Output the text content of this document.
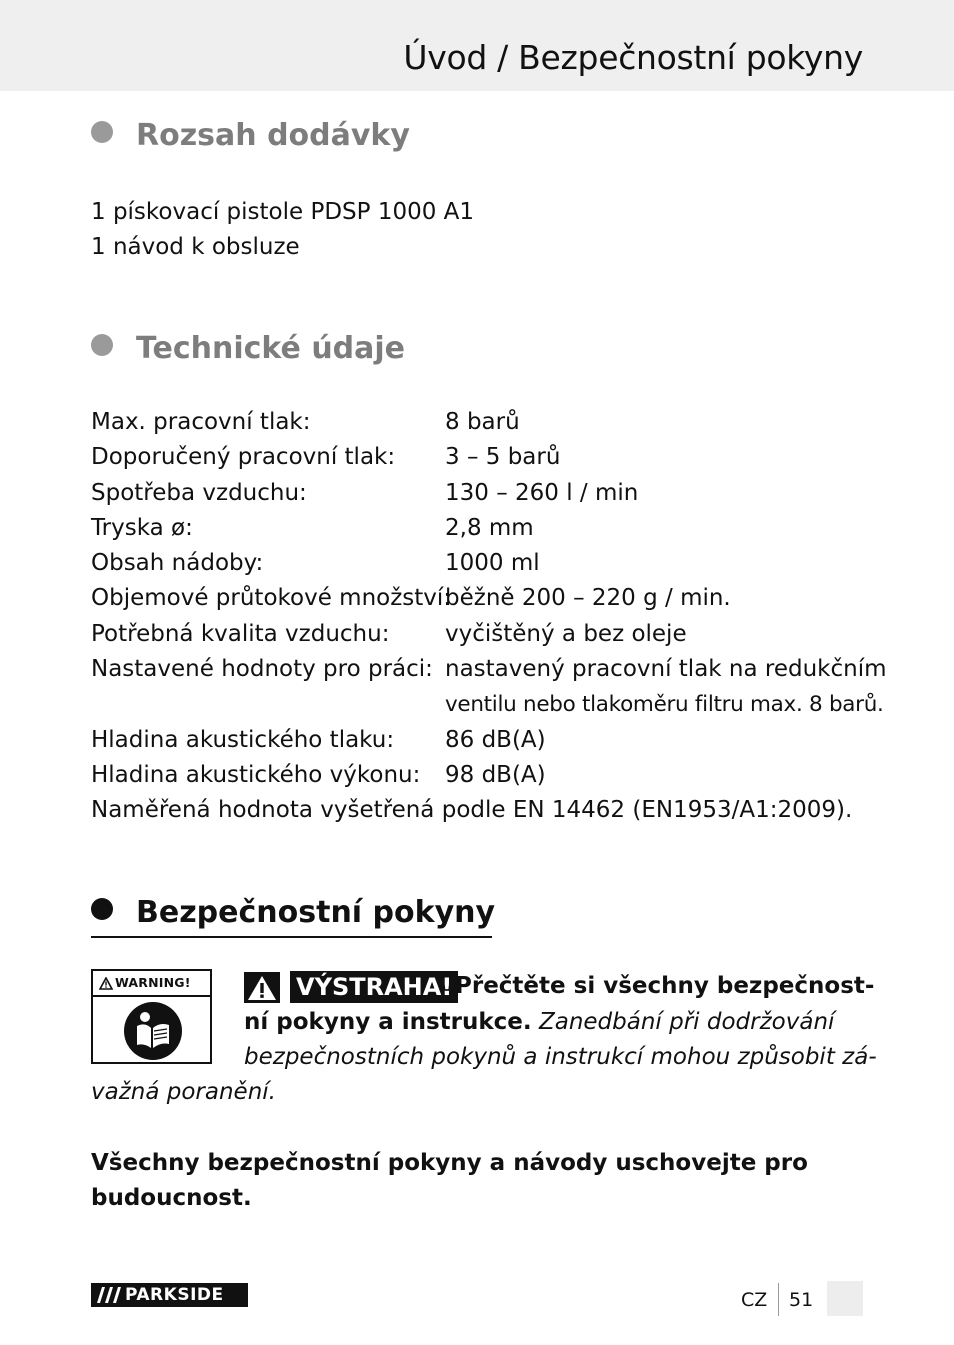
Úvod / Bezpečnostní pokyny
Rozsah dodávky
1 pískovací pistole PDSP 1000 A1
1 návod k obsluze
Technické údaje
Max. pracovní tlak:	8 barů
Doporučený pracovní tlak: 3 – 5 barů
Spotřeba vzduchu:	130 – 260 l / min
Tryska ø:	2,8 mm
Obsah nádoby:	1000 ml
Objemové průtokové množství:
běžně 200 – 220 g / min.
Potřebná kvalita vzduchu: vyčištěný a bez oleje
Nastavené hodnoty pro práci: nastavený pracovní tlak na redukčním
ventilu nebo tlakoměru filtru max. 8 barů.
Hladina akustického tlaku: 86 dB(A)
Hladina akustického výkonu: 98 dB(A)
Naměřená hodnota vyšetřená podle EN 14462 (EN1953/A1:2009).
Bezpečnostní pokyny
WARNING!	VÝSTRAHA! Přečtěte si všechny bezpečnost-
ní pokyny a instrukce. Zanedbání při dodržování
bezpečnostních pokynů a instrukcí mohou způsobit zá-
važná poranění.
Všechny bezpečnostní pokyny a návody uschovejte pro
budoucnost.
PARKSIDE	CZ 51
